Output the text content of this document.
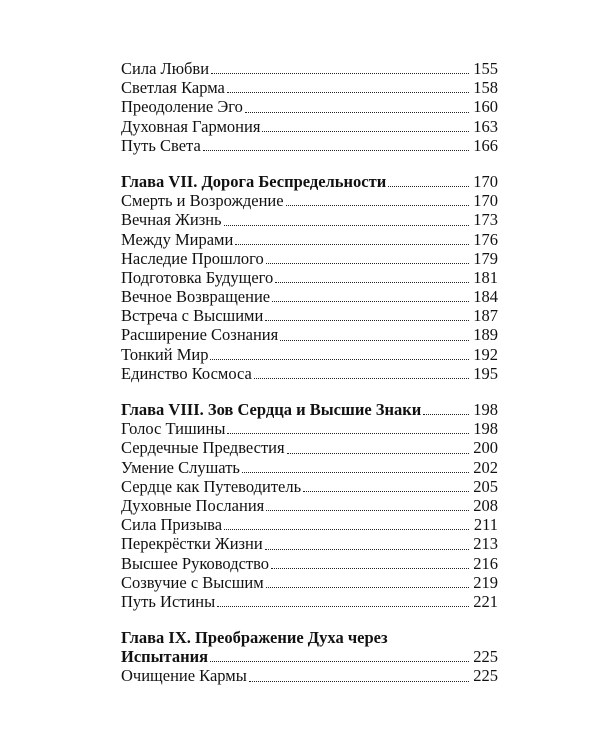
Сила Любви	155
Светлая Карма	158
Преодоление Эго	160
Духовная Гармония	163
Путь Света	166
Глава VII. Дорога Беспредельности	170
Смерть и Возрождение	170
Вечная Жизнь	173
Между Мирами	176
Наследие Прошлого	179
Подготовка Будущего	181
Вечное Возвращение	184
Встреча с Высшими	187
Расширение Сознания	189
Тонкий Мир	192
Единство Космоса	195
Глава VIII. Зов Сердца и Высшие Знаки	198
Голос Тишины	198
Сердечные Предвестия	200
Умение Слушать	202
Сердце как Путеводитель	205
Духовные Послания	208
Сила Призыва	211
Перекрёстки Жизни	213
Высшее Руководство	216
Созвучие с Высшим	219
Путь Истины	221
Глава IX. Преображение Духа через
Испытания	225
Очищение Кармы	225
